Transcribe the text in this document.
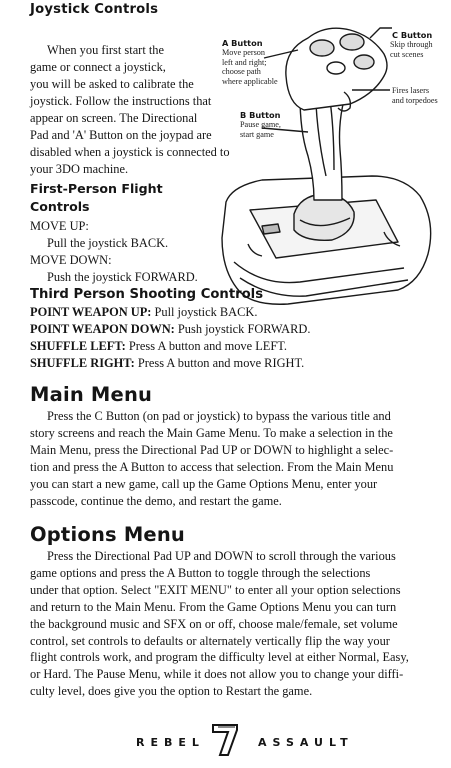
Joystick Controls
When you first start the
game or connect a joystick,
you will be asked to calibrate the
joystick. Follow the instructions that
appear on screen. The Directional
Pad and 'A' Button on the joypad are
disabled when a joystick is connected to
your 3DO machine.
A Button
Move person
left and right;
choose path
where applicable
B Button
Pause game,
start game
C Button
Skip through
cut scenes
Fires lasers
and torpedoes
First-Person Flight
Controls
MOVE UP:
Pull the joystick BACK.
MOVE DOWN:
Push the joystick FORWARD.
Third Person Shooting Controls
POINT WEAPON UP: Pull joystick BACK.
POINT WEAPON DOWN: Push joystick FORWARD.
SHUFFLE LEFT: Press A button and move LEFT.
SHUFFLE RIGHT: Press A button and move RIGHT.
Main Menu
Press the C Button (on pad or joystick) to bypass the various title and
story screens and reach the Main Game Menu. To make a selection in the
Main Menu, press the Directional Pad UP or DOWN to highlight a selec-
tion and press the A Button to access that selection. From the Main Menu
you can start a new game, call up the Game Options Menu, enter your
passcode, continue the demo, and restart the game.
Options Menu
Press the Directional Pad UP and DOWN to scroll through the various
game options and press the A Button to toggle through the selections
under that option. Select "EXIT MENU" to enter all your option selections
and return to the Main Menu. From the Game Options Menu you can turn
the background music and SFX on or off, choose male/female, set volume
control, set controls to defaults or alternately vertically flip the way your
flight controls work, and program the difficulty level at either Normal, Easy,
or Hard. The Pause Menu, while it does not allow you to change your diffi-
culty level, does give you the option to Restart the game.
REBEL	ASSAULT
